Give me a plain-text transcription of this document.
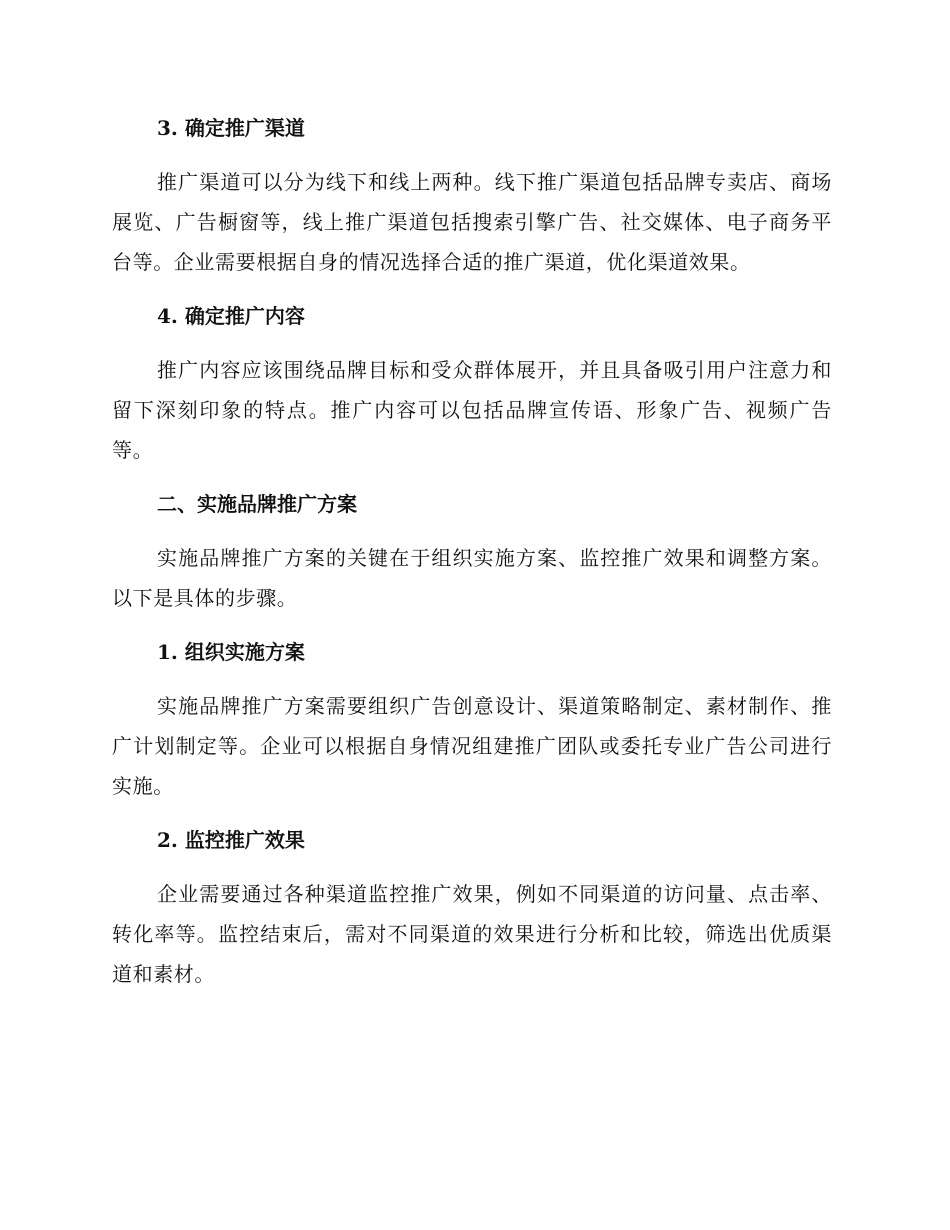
3. 确定推广渠道

推广渠道可以分为线下和线上两种。线下推广渠道包括品牌专卖店、商场展览、广告橱窗等，线上推广渠道包括搜索引擎广告、社交媒体、电子商务平台等。企业需要根据自身的情况选择合适的推广渠道，优化渠道效果。

4. 确定推广内容

推广内容应该围绕品牌目标和受众群体展开，并且具备吸引用户注意力和留下深刻印象的特点。推广内容可以包括品牌宣传语、形象广告、视频广告等。

二、实施品牌推广方案

实施品牌推广方案的关键在于组织实施方案、监控推广效果和调整方案。以下是具体的步骤。

1. 组织实施方案

实施品牌推广方案需要组织广告创意设计、渠道策略制定、素材制作、推广计划制定等。企业可以根据自身情况组建推广团队或委托专业广告公司进行实施。

2. 监控推广效果

企业需要通过各种渠道监控推广效果，例如不同渠道的访问量、点击率、转化率等。监控结束后，需对不同渠道的效果进行分析和比较，筛选出优质渠道和素材。
